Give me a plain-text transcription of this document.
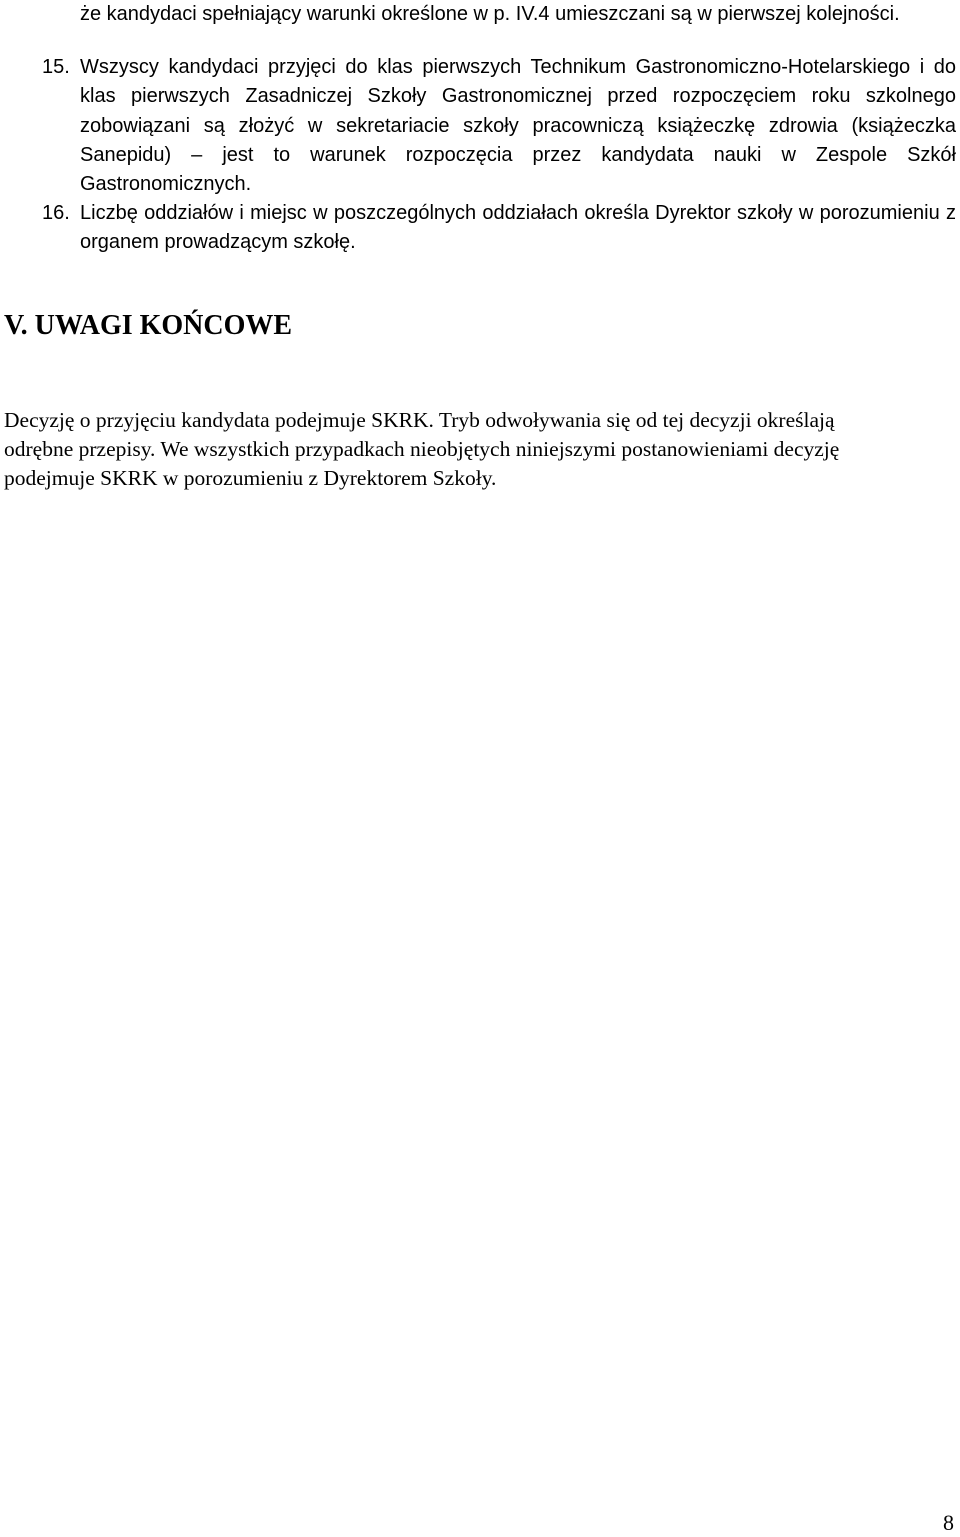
że kandydaci spełniający warunki określone w p. IV.4 umieszczani są w pierwszej kolejności.

15. Wszyscy kandydaci przyjęci do klas pierwszych Technikum Gastronomiczno-Hotelarskiego i do klas pierwszych Zasadniczej Szkoły Gastronomicznej przed rozpoczęciem roku szkolnego zobowiązani są złożyć w sekretariacie szkoły pracowniczą książeczkę zdrowia (książeczka Sanepidu) – jest to warunek rozpoczęcia przez kandydata nauki w Zespole Szkół Gastronomicznych.

16. Liczbę oddziałów i miejsc w poszczególnych oddziałach określa Dyrektor szkoły w porozumieniu z organem prowadzącym szkołę.

V. UWAGI KOŃCOWE

Decyzję o przyjęciu kandydata podejmuje SKRK. Tryb odwoływania się od tej decyzji określają odrębne przepisy. We wszystkich przypadkach nieobjętych niniejszymi postanowieniami decyzję podejmuje SKRK w porozumieniu z Dyrektorem Szkoły.

8
